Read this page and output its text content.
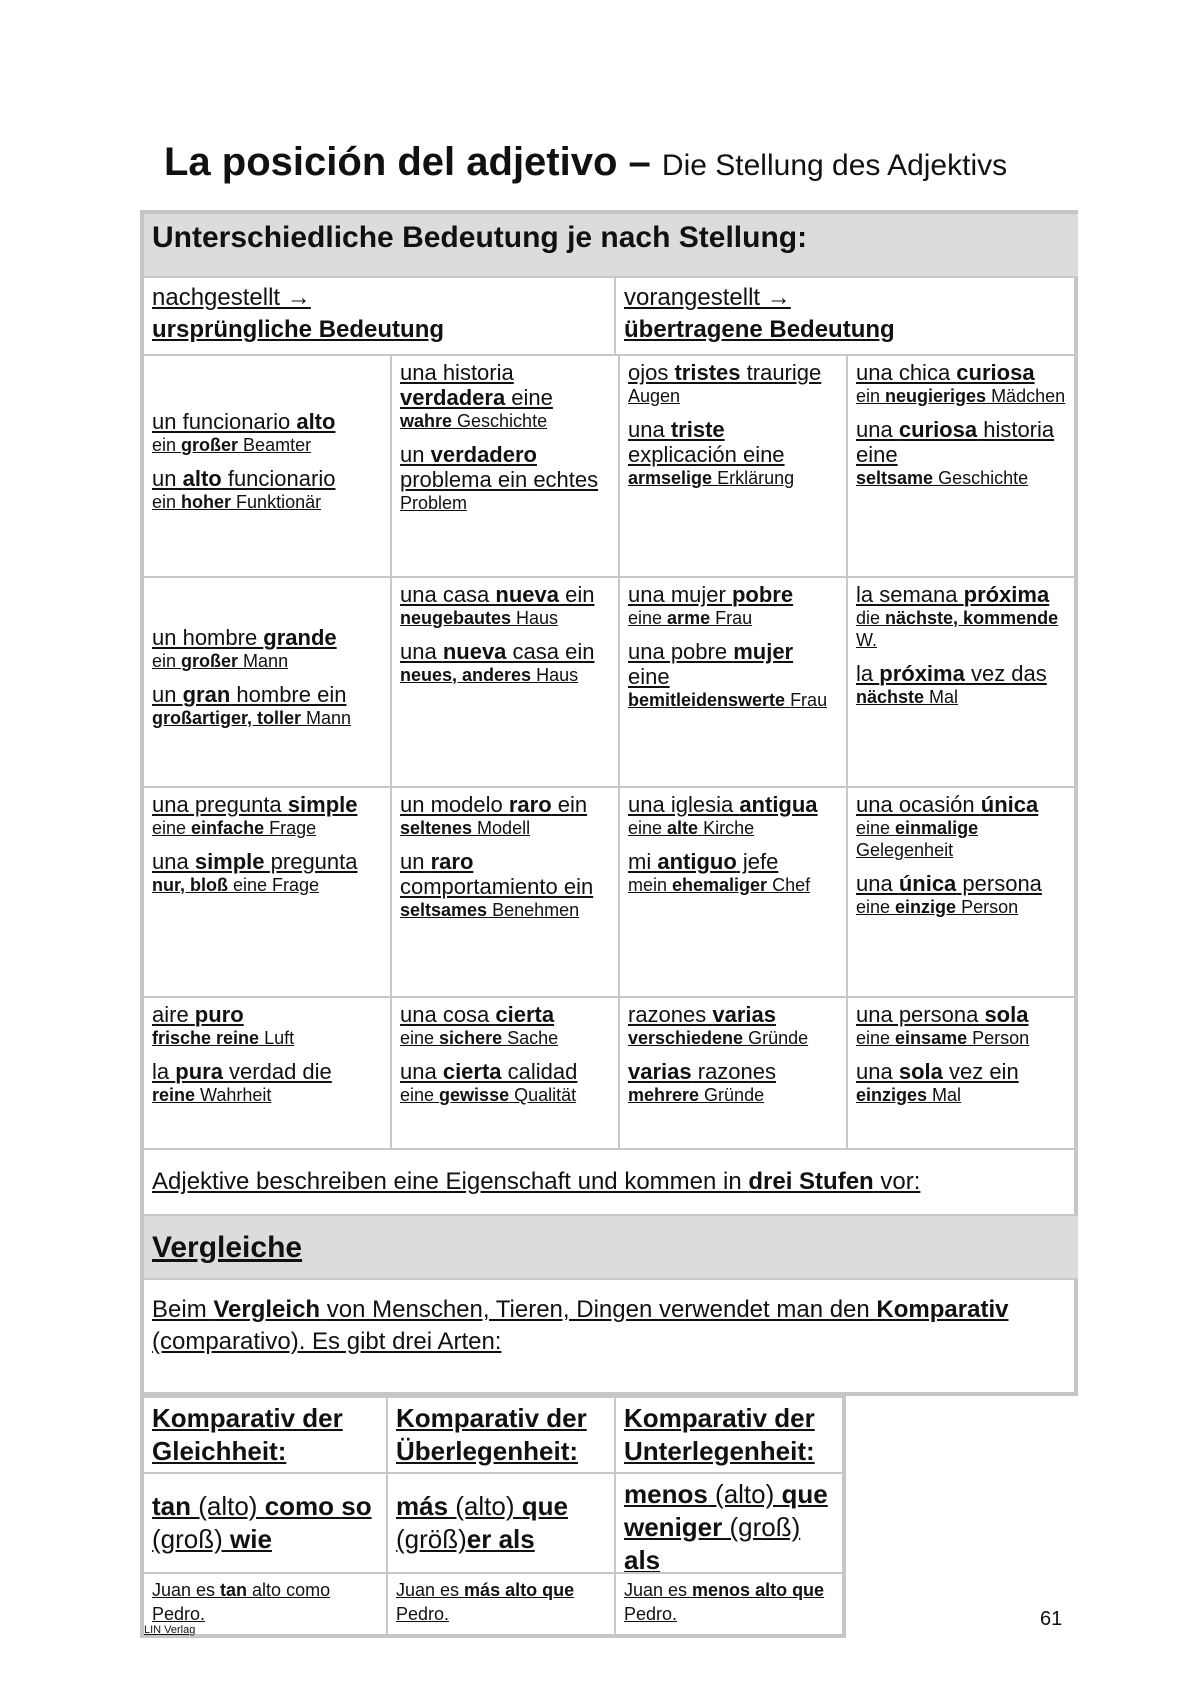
La posición del adjetivo – Die Stellung des Adjektivs
Unterschiedliche Bedeutung je nach Stellung:
nachgestellt →
ursprüngliche Bedeutung
vorangestellt →
übertragene Bedeutung
un funcionario alto
ein großer Beamter
un alto funcionario
ein hoher Funktionär
una historia verdadera eine
wahre Geschichte
un verdadero problema ein echtes
Problem
ojos tristes traurige
Augen
una triste explicación eine
armselige Erklärung
una chica curiosa
ein neugieriges Mädchen
una curiosa historia eine
seltsame Geschichte
un hombre grande
ein großer Mann
un gran hombre ein
großartiger, toller Mann
una casa nueva ein
neugebautes Haus
una nueva casa ein
neues, anderes Haus
una mujer pobre
eine arme Frau
una pobre mujer eine
bemitleidenswerte Frau
la semana próxima
die nächste, kommende W.
la próxima vez das
nächste Mal
una pregunta simple
eine einfache Frage
una simple pregunta
nur, bloß eine Frage
un modelo raro ein
seltenes Modell
un raro comportamiento ein
seltsames Benehmen
una iglesia antigua
eine alte Kirche
mi antiguo jefe
mein ehemaliger Chef
una ocasión única
eine einmalige Gelegenheit
una única persona
eine einzige Person
aire puro
frische reine Luft
la pura verdad die
reine Wahrheit
una cosa cierta
eine sichere Sache
una cierta calidad
eine gewisse Qualität
razones varias
verschiedene Gründe
varias razones
mehrere Gründe
una persona sola
eine einsame Person
una sola vez ein
einziges Mal
Adjektive beschreiben eine Eigenschaft und kommen in drei Stufen vor:
Vergleiche
Beim Vergleich von Menschen, Tieren, Dingen verwendet man den Komparativ (comparativo). Es gibt drei Arten:
LIN Verlag	61
Komparativ der Gleichheit:
tan (alto) como so (groß) wie
Juan es tan alto como Pedro.
Komparativ der Überlegenheit:
más (alto) que (größ)er als
Juan es más alto que Pedro.
Komparativ der Unterlegenheit:
menos (alto) que weniger (groß) als
Juan es menos alto que Pedro.
